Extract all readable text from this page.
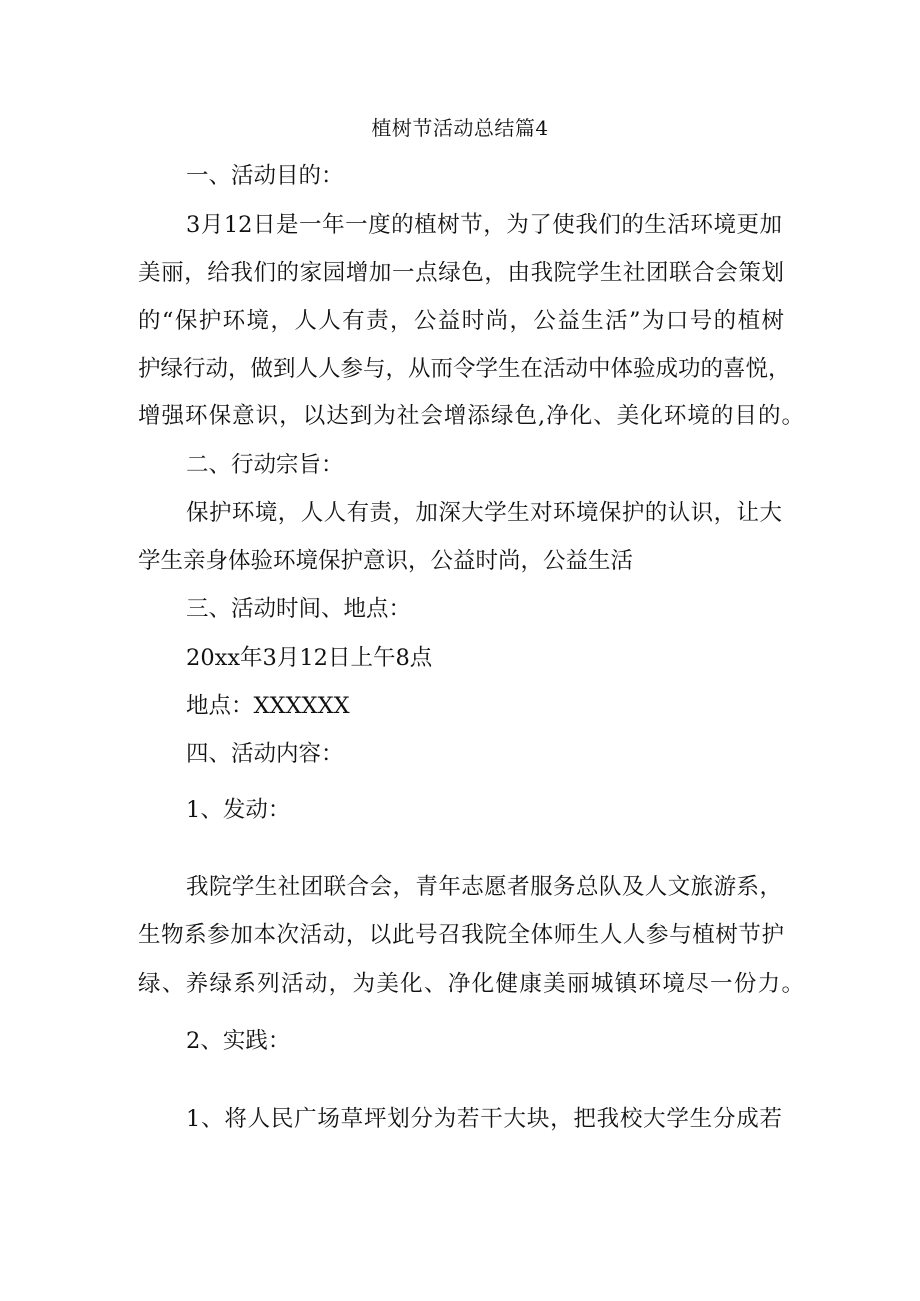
植树节活动总结篇4
一、活动目的：
3月12日是一年一度的植树节，为了使我们的生活环境更加
美丽，给我们的家园增加一点绿色，由我院学生社团联合会策划
的“保护环境，人人有责，公益时尚，公益生活”为口号的植树
护绿行动，做到人人参与，从而令学生在活动中体验成功的喜悦，
增强环保意识，以达到为社会增添绿色,净化、美化环境的目的。
二、行动宗旨：
保护环境，人人有责，加深大学生对环境保护的认识，让大
学生亲身体验环境保护意识，公益时尚，公益生活
三、活动时间、地点：
20xx年3月12日上午8点
地点：XXXXXX
四、活动内容：
1、发动：
我院学生社团联合会，青年志愿者服务总队及人文旅游系，
生物系参加本次活动，以此号召我院全体师生人人参与植树节护
绿、养绿系列活动，为美化、净化健康美丽城镇环境尽一份力。
2、实践：
1、将人民广场草坪划分为若干大块，把我校大学生分成若
